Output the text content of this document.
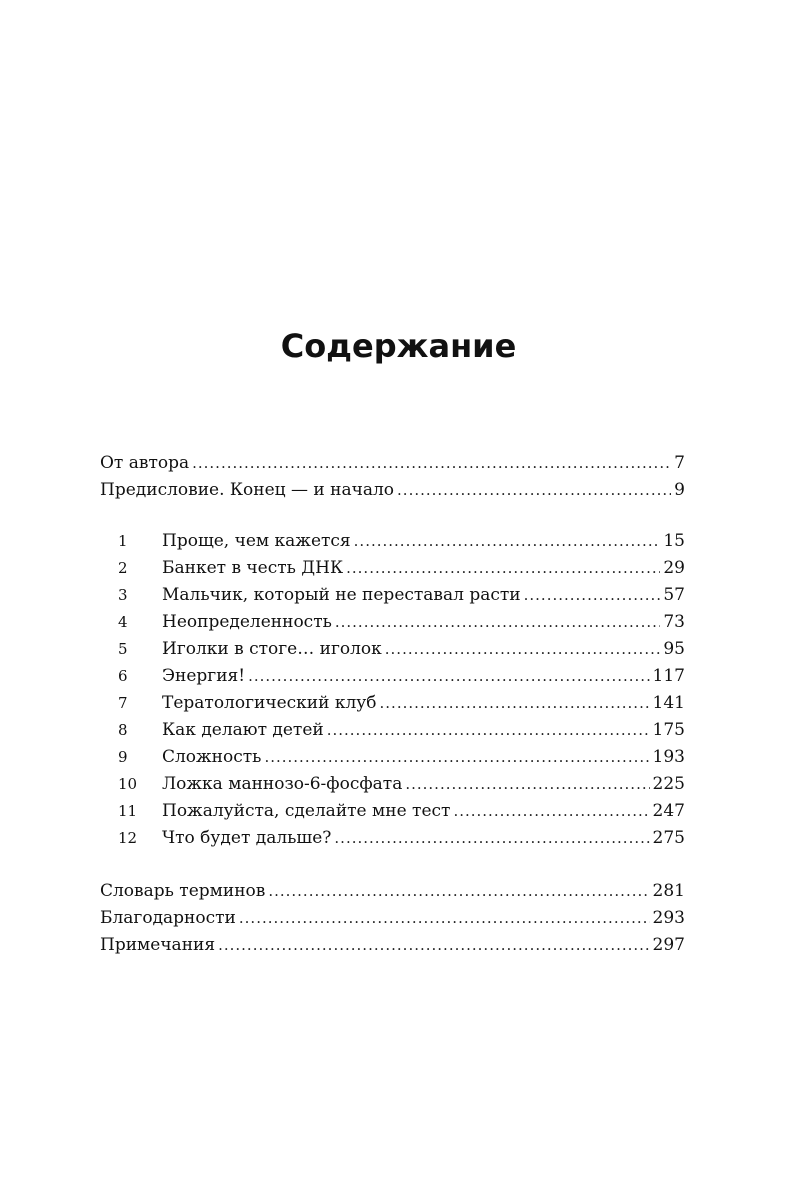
Содержание
От автора .....	7
Предисловие. Конец — и начало .....	9
1	Проще, чем кажется .....	15
2	Банкет в честь ДНК .....	29
3	Мальчик, который не переставал расти .....	57
4	Неопределенность .....	73
5	Иголки в стоге… иголок .....	95
6	Энергия! .....	117
7	Тератологический клуб .....	141
8	Как делают детей .....	175
9	Сложность .....	193
10	Ложка маннозо-6-фосфата .....	225
11	Пожалуйста, сделайте мне тест .....	247
12	Что будет дальше? .....	275
Словарь терминов .....	281
Благодарности .....	293
Примечания .....	297
